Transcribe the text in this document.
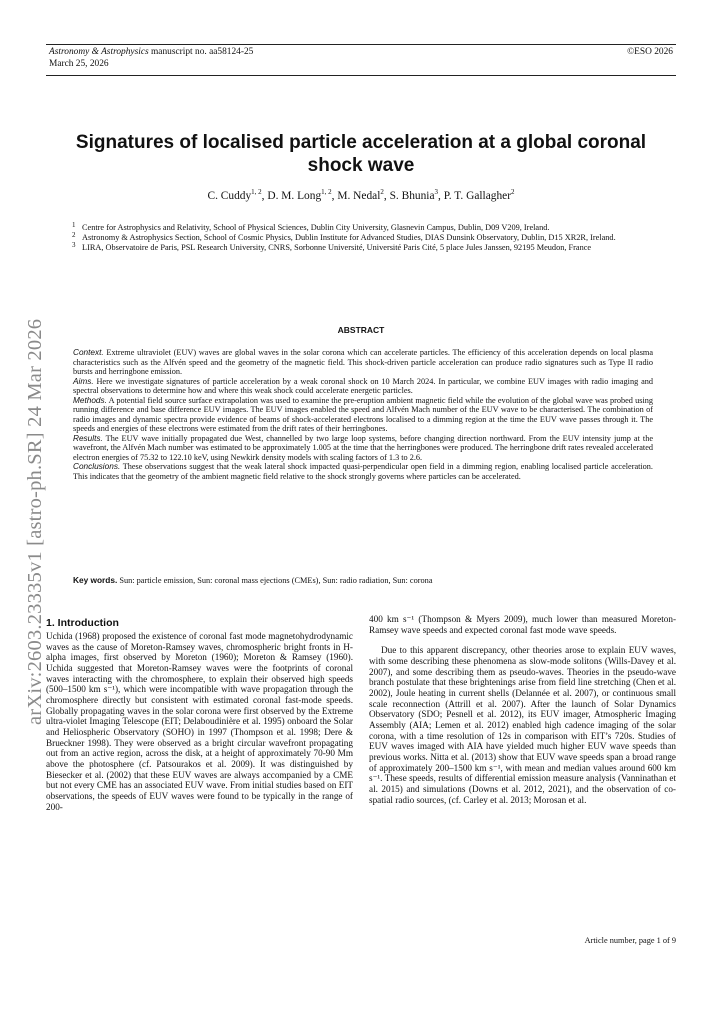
Astronomy & Astrophysics manuscript no. aa58124-25
March 25, 2026
©ESO 2026
arXiv:2603.23335v1 [astro-ph.SR] 24 Mar 2026
Signatures of localised particle acceleration at a global coronal
shock wave
C. Cuddy$^{1, 2}$, D. M. Long$^{1, 2}$, M. Nedal$^2$, S. Bhunia$^3$, P. T. Gallagher$^2$
1 Centre for Astrophysics and Relativity, School of Physical Sciences, Dublin City University, Glasnevin Campus, Dublin, D09 V209, Ireland.
2 Astronomy & Astrophysics Section, School of Cosmic Physics, Dublin Institute for Advanced Studies, DIAS Dunsink Observatory, Dublin, D15 XR2R, Ireland.
3 LIRA, Observatoire de Paris, PSL Research University, CNRS, Sorbonne Université, Université Paris Cité, 5 place Jules Janssen, 92195 Meudon, France
ABSTRACT

Context. Extreme ultraviolet (EUV) waves are global waves in the solar corona which can accelerate particles. The efficiency of this acceleration depends on local plasma characteristics such as the Alfvén speed and the geometry of the magnetic field. This shock-driven particle acceleration can produce radio signatures such as Type II radio bursts and herringbone emission.

Aims. Here we investigate signatures of particle acceleration by a weak coronal shock on 10 March 2024. In particular, we combine EUV images with radio imaging and spectral observations to determine how and where this weak shock could accelerate energetic particles.

Methods. A potential field source surface extrapolation was used to examine the pre-eruption ambient magnetic field while the evolution of the global wave was probed using running difference and base difference EUV images. The EUV images enabled the speed and Alfvén Mach number of the EUV wave to be characterised. The combination of radio images and dynamic spectra provide evidence of beams of shock-accelerated electrons localised to a dimming region at the time the EUV wave passes through it. The speeds and energies of these electrons were estimated from the drift rates of their herringbones.

Results. The EUV wave initially propagated due West, channelled by two large loop systems, before changing direction northward. From the EUV intensity jump at the wavefront, the Alfvén Mach number was estimated to be approximately 1.005 at the time that the herringbones were produced. The herringbone drift rates revealed accelerated electron energies of 75.32 to 122.10 keV, using Newkirk density models with scaling factors of 1.3 to 2.6.

Conclusions. These observations suggest that the weak lateral shock impacted quasi-perpendicular open field in a dimming region, enabling localised particle acceleration. This indicates that the geometry of the ambient magnetic field relative to the shock strongly governs where particles can be accelerated.

Key words. Sun: particle emission, Sun: coronal mass ejections (CMEs), Sun: radio radiation, Sun: corona
1. Introduction

Uchida (1968) proposed the existence of coronal fast mode magnetohydrodynamic waves as the cause of Moreton-Ramsey waves, chromospheric bright fronts in H-alpha images, first observed by Moreton (1960); Moreton & Ramsey (1960). Uchida suggested that Moreton-Ramsey waves were the footprints of coronal waves interacting with the chromosphere, to explain their observed high speeds (500–1500 km s⁻¹), which were incompatible with wave propagation through the chromosphere directly but consistent with estimated coronal fast-mode speeds. Globally propagating waves in the solar corona were first observed by the Extreme ultra-violet Imaging Telescope (EIT; Delaboudinière et al. 1995) onboard the Solar and Heliospheric Observatory (SOHO) in 1997 (Thompson et al. 1998; Dere & Brueckner 1998). They were observed as a bright circular wavefront propagating out from an active region, across the disk, at a height of approximately 70-90 Mm above the photosphere (cf. Patsourakos et al. 2009). It was distinguished by Biesecker et al. (2002) that these EUV waves are always accompanied by a CME but not every CME has an associated EUV wave. From initial studies based on EIT observations, the speeds of EUV waves were found to be typically in the range of 200-

400 km s⁻¹ (Thompson & Myers 2009), much lower than measured Moreton-Ramsey wave speeds and expected coronal fast mode wave speeds.

Due to this apparent discrepancy, other theories arose to explain EUV waves, with some describing these phenomena as slow-mode solitons (Wills-Davey et al. 2007), and some describing them as pseudo-waves. Theories in the pseudo-wave branch postulate that these brightenings arise from field line stretching (Chen et al. 2002), Joule heating in current shells (Delannée et al. 2007), or continuous small scale reconnection (Attrill et al. 2007). After the launch of Solar Dynamics Observatory (SDO; Pesnell et al. 2012), its EUV imager, Atmospheric Imaging Assembly (AIA; Lemen et al. 2012) enabled high cadence imaging of the solar corona, with a time resolution of 12s in comparison with EIT’s 720s. Studies of EUV waves imaged with AIA have yielded much higher EUV wave speeds than previous works. Nitta et al. (2013) show that EUV wave speeds span a broad range of approximately 200–1500 km s⁻¹, with mean and median values around 600 km s⁻¹. These speeds, results of differential emission measure analysis (Vanninathan et al. 2015) and simulations (Downs et al. 2012, 2021), and the observation of co-spatial radio sources, (cf. Carley et al. 2013; Morosan et al.

Article number, page 1 of 9
